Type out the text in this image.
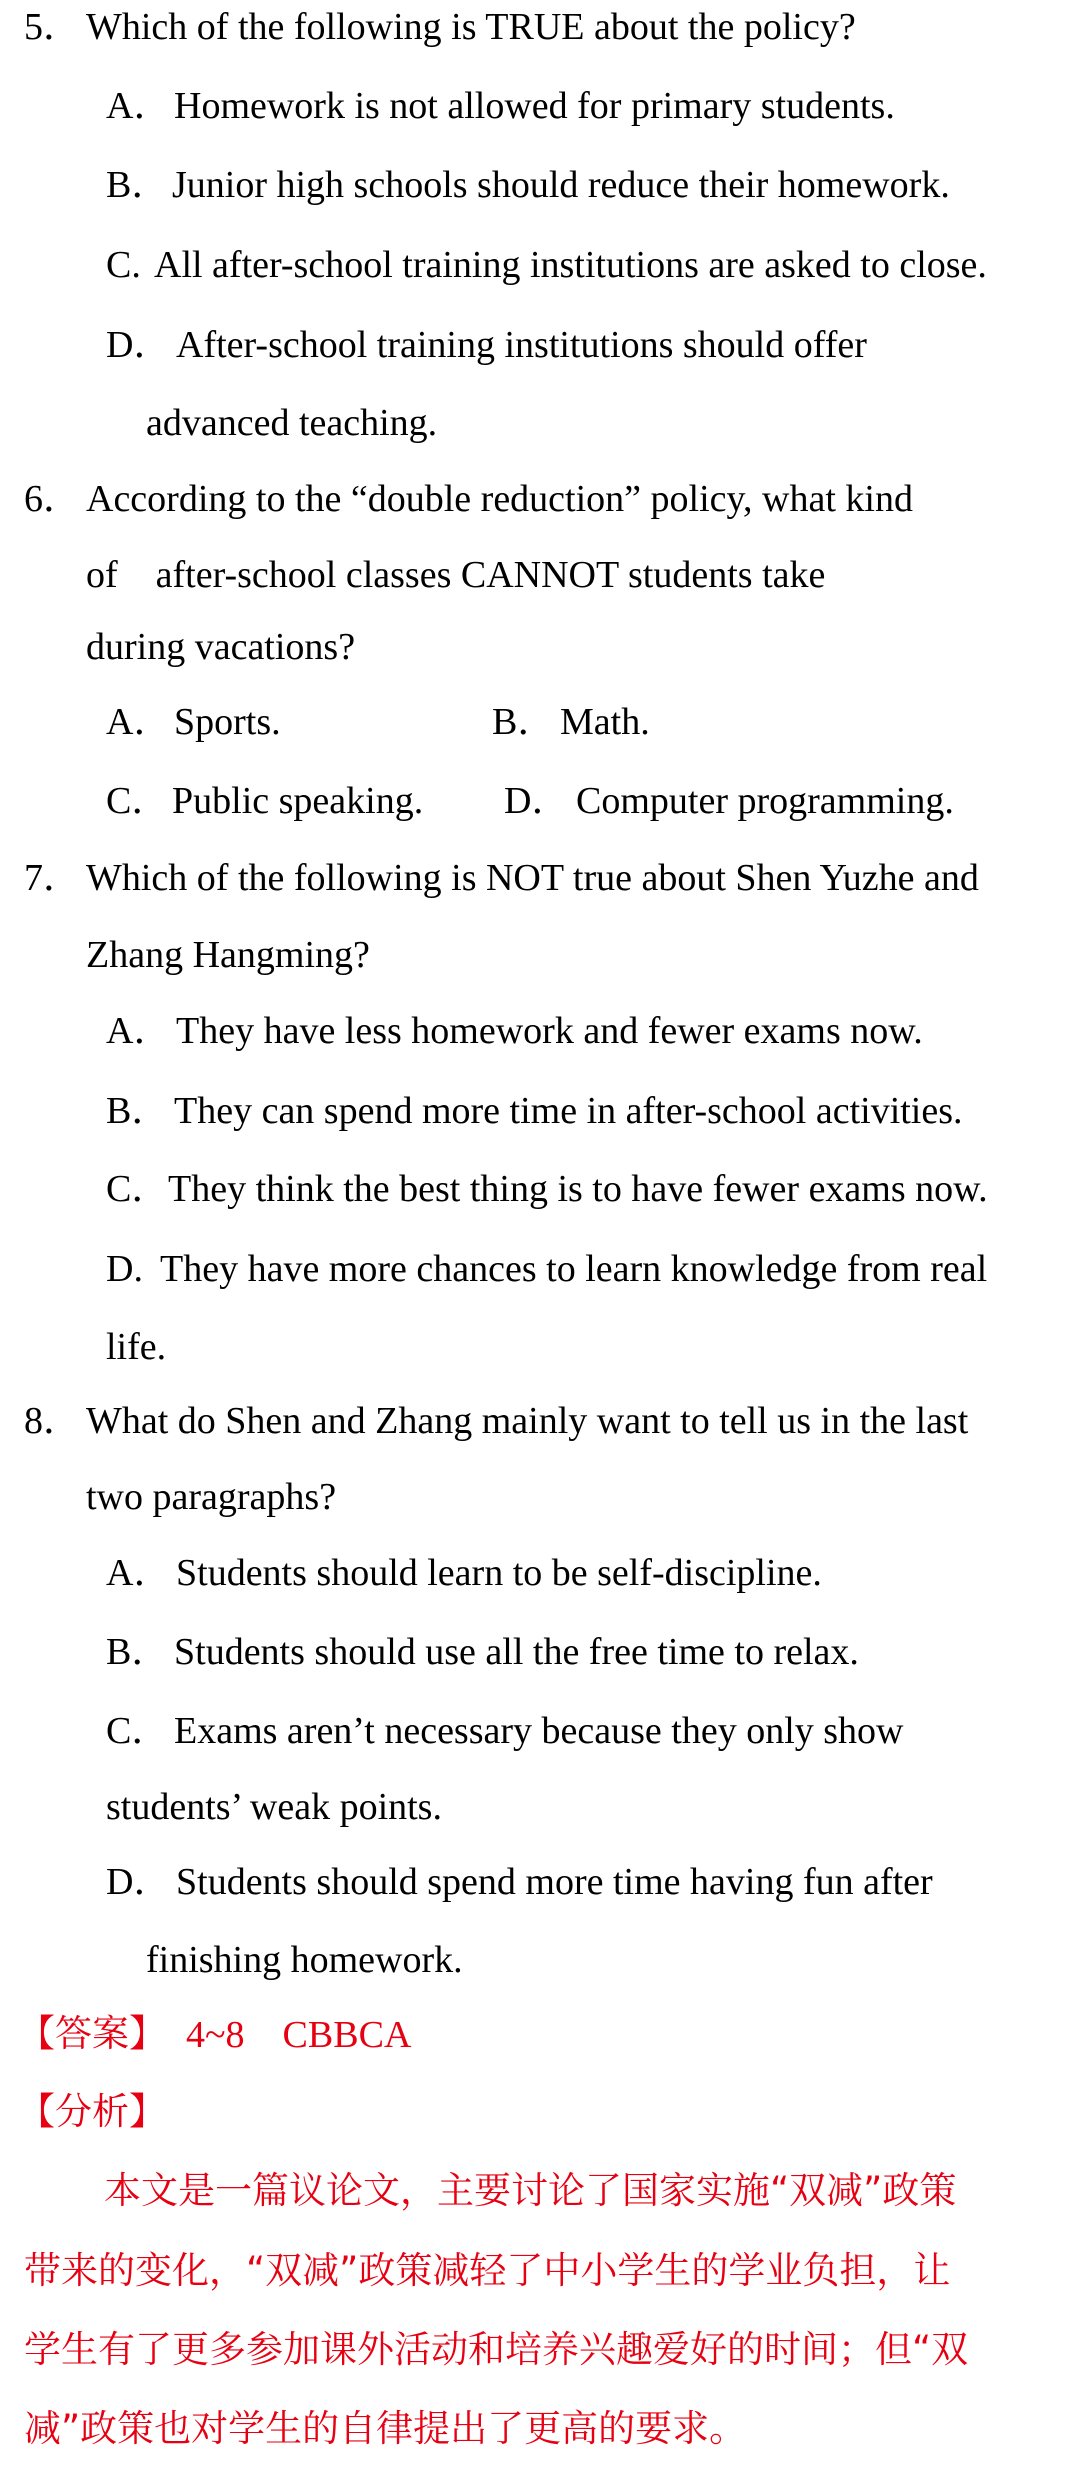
5． Which of the following is TRUE about the policy?
A． Homework is not allowed for primary students.
B． Junior high schools should reduce their homework.
C. All after-school training institutions are asked to close.
D． After-school training institutions should offer
advanced teaching.
6． According to the “double reduction” policy, what kind
of    after-school classes CANNOT students take
during vacations?
A． Sports.	B． Math.
C． Public speaking. D． Computer programming.
7． Which of the following is NOT true about Shen Yuzhe and
Zhang Hangming?
A． They have less homework and fewer exams now.
B． They can spend more time in after-school activities.
C．
They think the best thing is to have fewer exams now.
D. They have more chances to learn knowledge from real
life.
8． What do Shen and Zhang mainly want to tell us in the last
two paragraphs?
A． Students should learn to be self-discipline.
B． Students should use all the free time to relax.
C． Exams aren’t necessary because they only show
students’ weak points.
D． Students should spend more time having fun after
finishing homework.
【答案】 4~8    CBBCA
【分析】
本文是一篇议论文，主要讨论了国家实施“双减”政策
带来的变化，“双减”政策减轻了中小学生的学业负担，让
学生有了更多参加课外活动和培养兴趣爱好的时间；但“双
减”政策也对学生的自律提出了更高的要求。
